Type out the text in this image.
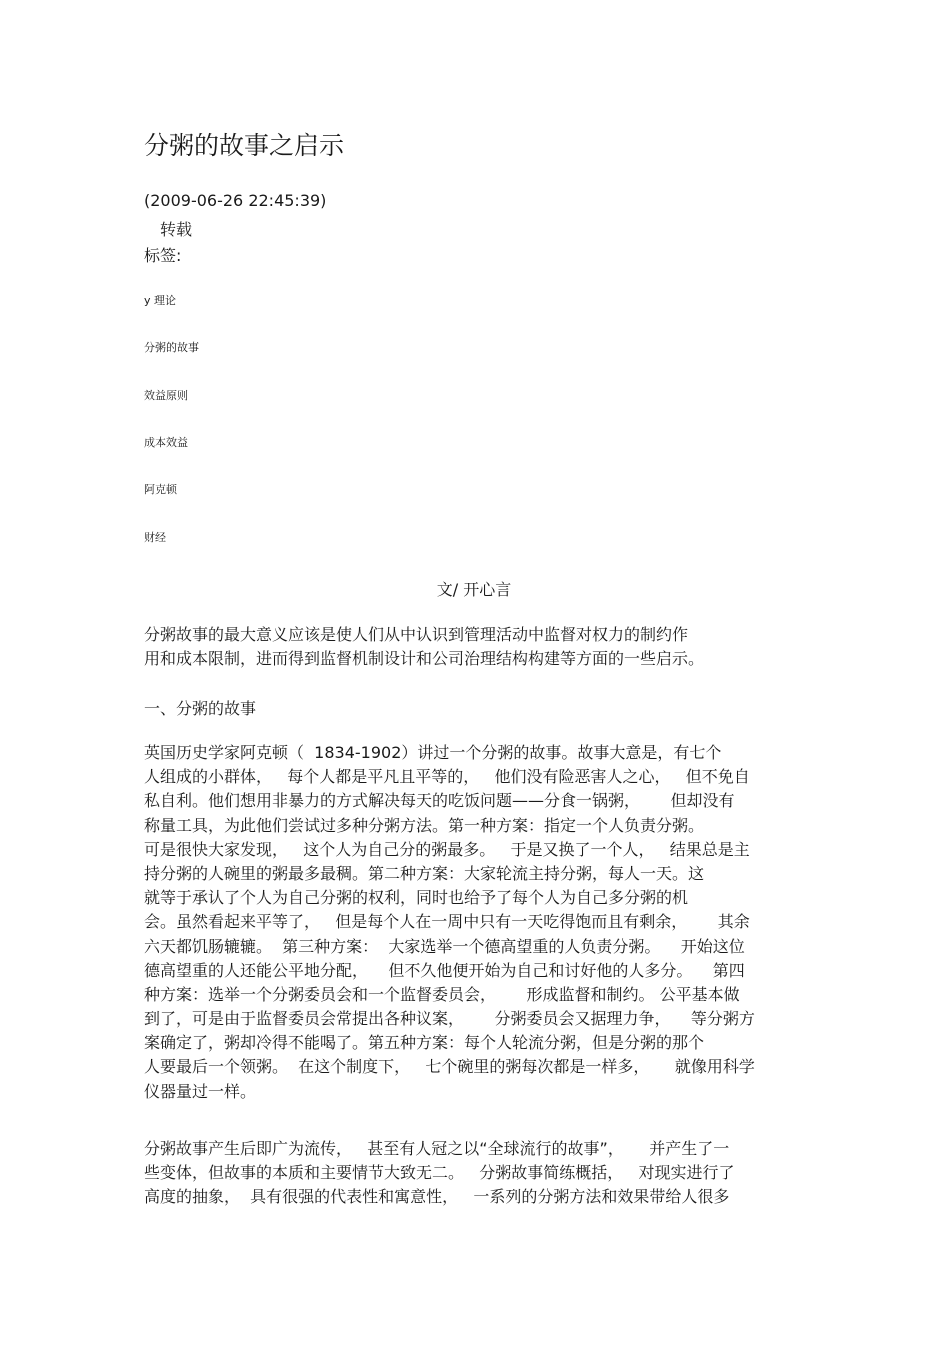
分粥的故事之启示
(2009-06-26 22:45:39)
转载
标签:
y 理论
分粥的故事
效益原则
成本效益
阿克顿
财经
文/ 开心言
分粥故事的最大意义应该是使人们从中认识到管理活动中监督对权力的制约作
用和成本限制，进而得到监督机制设计和公司治理结构构建等方面的一些启示。
一、分粥的故事
英国历史学家阿克顿（  1834-1902）讲过一个分粥的故事。故事大意是，有七个
人组成的小群体，   每个人都是平凡且平等的，   他们没有险恶害人之心，   但不免自
私自利。他们想用非暴力的方式解决每天的吃饭问题——分食一锅粥，      但却没有
称量工具，为此他们尝试过多种分粥方法。第一种方案：指定一个人负责分粥。
可是很快大家发现，   这个人为自己分的粥最多。   于是又换了一个人，   结果总是主
持分粥的人碗里的粥最多最稠。第二种方案：大家轮流主持分粥，每人一天。这
就等于承认了个人为自己分粥的权利，同时也给予了每个人为自己多分粥的机
会。虽然看起来平等了，   但是每个人在一周中只有一天吃得饱而且有剩余，      其余
六天都饥肠辘辘。  第三种方案：  大家选举一个德高望重的人负责分粥。    开始这位
德高望重的人还能公平地分配，    但不久他便开始为自己和讨好他的人多分。    第四
种方案：选举一个分粥委员会和一个监督委员会，      形成监督和制约。 公平基本做
到了，可是由于监督委员会常提出各种议案，      分粥委员会又据理力争，    等分粥方
案确定了，粥却冷得不能喝了。第五种方案：每个人轮流分粥，但是分粥的那个
人要最后一个领粥。  在这个制度下，   七个碗里的粥每次都是一样多，     就像用科学
仪器量过一样。
分粥故事产生后即广为流传，   甚至有人冠之以“全球流行的故事”，     并产生了一
些变体，但故事的本质和主要情节大致无二。   分粥故事简练概括，   对现实进行了
高度的抽象，  具有很强的代表性和寓意性，   一系列的分粥方法和效果带给人很多
